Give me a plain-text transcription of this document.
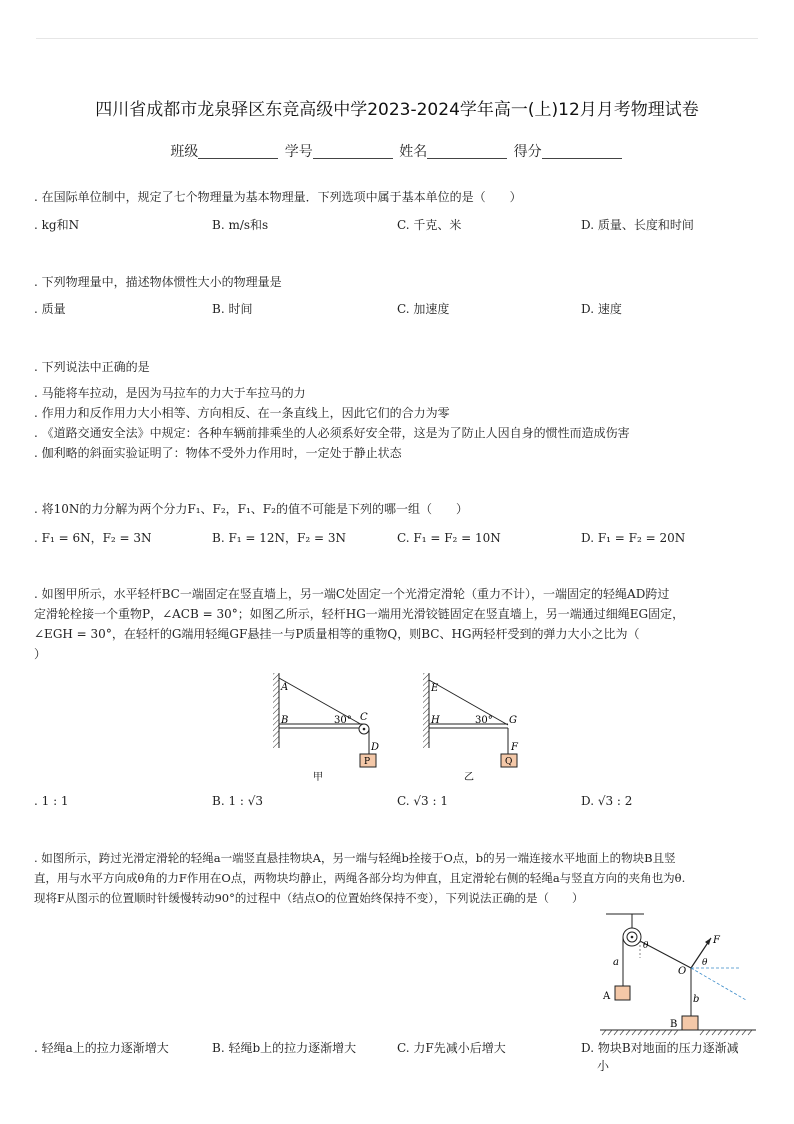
四川省成都市龙泉驿区东竞高级中学2023-2024学年高一(上)12月月考物理试卷
班级	学号	姓名	得分
. 在国际单位制中，规定了七个物理量为基本物理量．下列选项中属于基本单位的是（　　）
. kg和N	B. m/s和s	C. 千克、米	D. 质量、长度和时间
. 下列物理量中，描述物体惯性大小的物理量是
. 质量	B. 时间	C. 加速度	D. 速度
. 下列说法中正确的是
. 马能将车拉动，是因为马拉车的力大于车拉马的力
. 作用力和反作用力大小相等、方向相反、在一条直线上，因此它们的合力为零
. 《道路交通安全法》中规定：各种车辆前排乘坐的人必须系好安全带，这是为了防止人因自身的惯性而造成伤害
. 伽利略的斜面实验证明了：物体不受外力作用时，一定处于静止状态
. 将10N的力分解为两个分力F₁、F₂，F₁、F₂的值不可能是下列的哪一组（　　）
. F₁ = 6N，F₂ = 3N	B. F₁ = 12N，F₂ = 3N	C. F₁ = F₂ = 10N	D. F₁ = F₂ = 20N
. 如图甲所示，水平轻杆BC一端固定在竖直墙上，另一端C处固定一个光滑定滑轮（重力不计），一端固定的轻绳AD跨过
定滑轮栓接一个重物P，∠ACB = 30°；如图乙所示，轻杆HG一端用光滑铰链固定在竖直墙上，另一端通过细绳EG固定，
∠EGH = 30°，在轻杆的G端用轻绳GF悬挂一与P质量相等的重物Q，则BC、HG两轻杆受到的弹力大小之比为（
）
A
B	30° C
D
P
甲
E
H	30° G
F
Q
乙
. 1 : 1	B. 1 : √3	C. √3 : 1	D. √3 : 2
. 如图所示，跨过光滑定滑轮的轻绳a一端竖直悬挂物块A，另一端与轻绳b拴接于O点，b的另一端连接水平地面上的物块B且竖
直，用与水平方向成θ角的力F作用在O点，两物块均静止，两绳各部分均为伸直，且定滑轮右侧的轻绳a与竖直方向的夹角也为θ.
现将F从图示的位置顺时针缓慢转动90°的过程中（结点O的位置始终保持不变），下列说法正确的是（　　）
θ	F
θ
a
O
A	b
B
. 轻绳a上的拉力逐渐增大	B. 轻绳b上的拉力逐渐增大	C. 力F先减小后增大	D. 物块B对地面的压力逐渐减
小
